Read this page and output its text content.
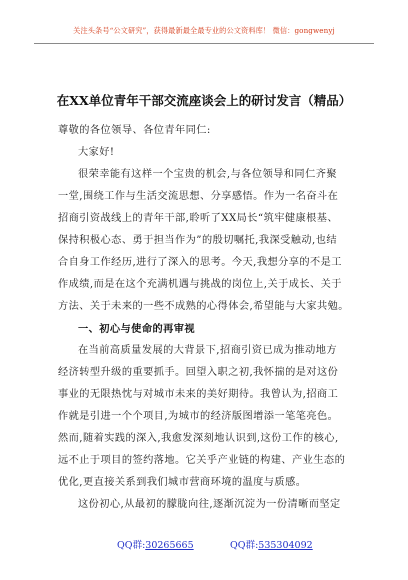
关注头条号“公文研究”，获得最新最全最专业的公文资料库！ 微信：gongwenyj
在XX单位青年干部交流座谈会上的研讨发言（精品）
尊敬的各位领导、各位青年同仁:
大家好!
很荣幸能有这样一个宝贵的机会,与各位领导和同仁齐聚
一堂,围绕工作与生活交流思想、分享感悟。作为一名奋斗在
招商引资战线上的青年干部,聆听了XX局长“筑牢健康根基、
保持积极心态、勇于担当作为”的殷切嘱托,我深受触动,也结
合自身工作经历,进行了深入的思考。今天,我想分享的不是工
作成绩,而是在这个充满机遇与挑战的岗位上,关于成长、关于
方法、关于未来的一些不成熟的心得体会,希望能与大家共勉。
一、初心与使命的再审视
在当前高质量发展的大背景下,招商引资已成为推动地方
经济转型升级的重要抓手。回望入职之初,我怀揣的是对这份
事业的无限热忱与对城市未来的美好期待。我曾认为,招商工
作就是引进一个个项目,为城市的经济版图增添一笔笔亮色。
然而,随着实践的深入,我愈发深刻地认识到,这份工作的核心,
远不止于项目的签约落地。它关乎产业链的构建、产业生态的
优化,更直接关系到我们城市营商环境的温度与质感。
这份初心,从最初的朦胧向往,逐渐沉淀为一份清晰而坚定
QQ群:30265665	QQ群:535304092
